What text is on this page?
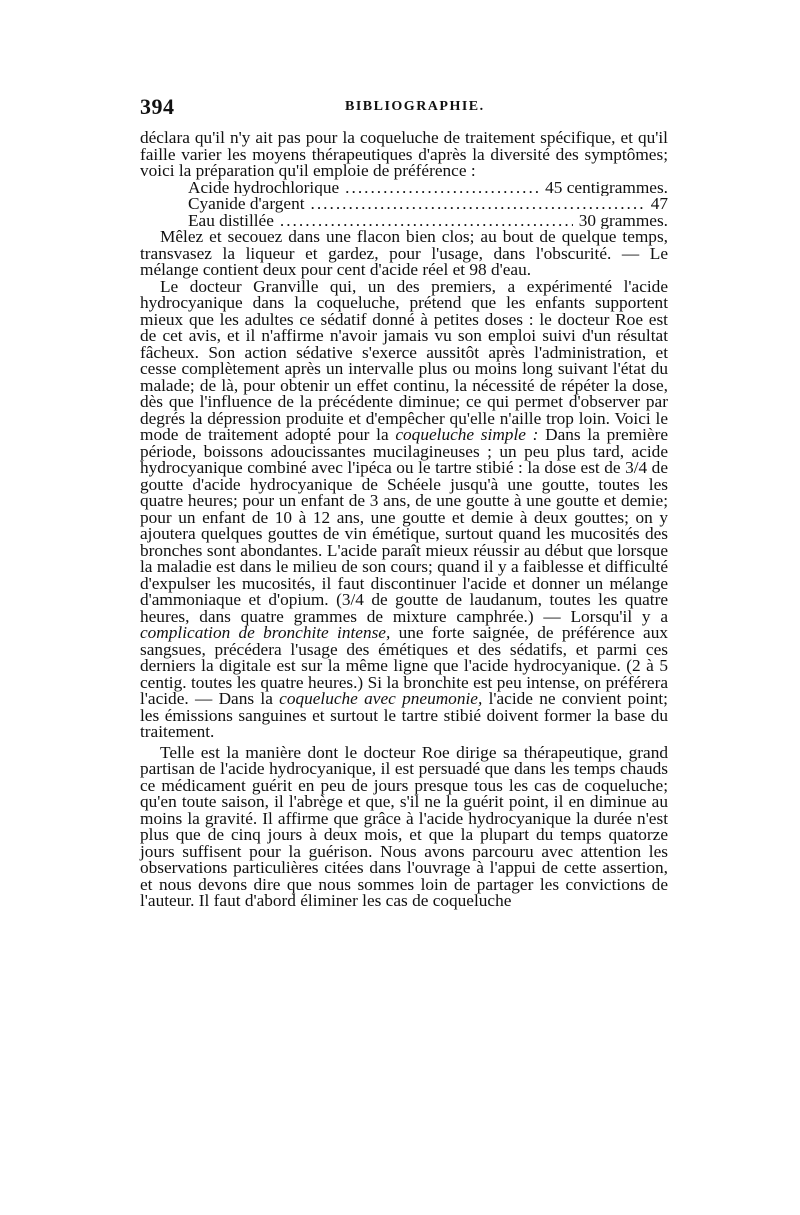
394	BIBLIOGRAPHIE.

déclara qu'il n'y ait pas pour la coqueluche de traitement spécifique, et qu'il faille varier les moyens thérapeutiques d'après la diversité des symptômes; voici la préparation qu'il emploie de préférence :

Acide hydrochlorique .....	45 centigrammes.
Cyanide d'argent .....	47
Eau distillée .....	30 grammes.

Mêlez et secouez dans une flacon bien clos; au bout de quelque temps, transvasez la liqueur et gardez, pour l'usage, dans l'obscurité. — Le mélange contient deux pour cent d'acide réel et 98 d'eau.

Le docteur Granville qui, un des premiers, a expérimenté l'acide hydrocyanique dans la coqueluche, prétend que les enfants supportent mieux que les adultes ce sédatif donné à petites doses : le docteur Roe est de cet avis, et il n'affirme n'avoir jamais vu son emploi suivi d'un résultat fâcheux. Son action sédative s'exerce aussitôt après l'administration, et cesse complètement après un intervalle plus ou moins long suivant l'état du malade; de là, pour obtenir un effet continu, la nécessité de répéter la dose, dès que l'influence de la précédente diminue; ce qui permet d'observer par degrés la dépression produite et d'empêcher qu'elle n'aille trop loin. Voici le mode de traitement adopté pour la coqueluche simple : Dans la première période, boissons adoucissantes mucilagineuses ; un peu plus tard, acide hydrocyanique combiné avec l'ipéca ou le tartre stibié : la dose est de 3/4 de goutte d'acide hydrocyanique de Schéele jusqu'à une goutte, toutes les quatre heures; pour un enfant de 3 ans, de une goutte à une goutte et demie; pour un enfant de 10 à 12 ans, une goutte et demie à deux gouttes; on y ajoutera quelques gouttes de vin émétique, surtout quand les mucosités des bronches sont abondantes. L'acide paraît mieux réussir au début que lorsque la maladie est dans le milieu de son cours; quand il y a faiblesse et difficulté d'expulser les mucosités, il faut discontinuer l'acide et donner un mélange d'ammoniaque et d'opium. (3/4 de goutte de laudanum, toutes les quatre heures, dans quatre grammes de mixture camphrée.) — Lorsqu'il y a complication de bronchite intense, une forte saignée, de préférence aux sangsues, précédera l'usage des émétiques et des sédatifs, et parmi ces derniers la digitale est sur la même ligne que l'acide hydrocyanique. (2 à 5 centig. toutes les quatre heures.) Si la bronchite est peu intense, on préférera l'acide. — Dans la coqueluche avec pneumonie, l'acide ne convient point; les émissions sanguines et surtout le tartre stibié doivent former la base du traitement.

Telle est la manière dont le docteur Roe dirige sa thérapeutique, grand partisan de l'acide hydrocyanique, il est persuadé que dans les temps chauds ce médicament guérit en peu de jours presque tous les cas de coqueluche; qu'en toute saison, il l'abrège et que, s'il ne la guérit point, il en diminue au moins la gravité. Il affirme que grâce à l'acide hydrocyanique la durée n'est plus que de cinq jours à deux mois, et que la plupart du temps quatorze jours suffisent pour la guérison. Nous avons parcouru avec attention les observations particulières citées dans l'ouvrage à l'appui de cette assertion, et nous devons dire que nous sommes loin de partager les convictions de l'auteur. Il faut d'abord éliminer les cas de coqueluche
